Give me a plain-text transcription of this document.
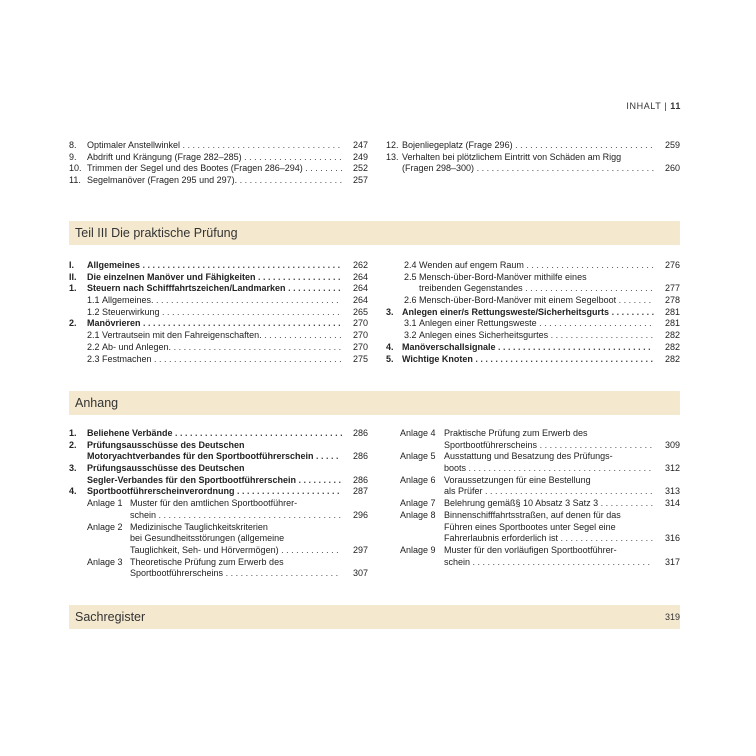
INHALT | 11
8. Optimaler Anstellwinkel . . . . . . . . . . . . . . . . . . . . . . . . . . . . . . . . 247
9. Abdrift und Krängung (Frage 282–285) . . . . . . . . . . . . . . . . . . . . 249
10. Trimmen der Segel und des Bootes (Fragen 286–294) . . . . . . . . 252
11. Segelmanöver (Fragen 295 und 297). . . . . . . . . . . . . . . . . . . . . . 257
12. Bojenliegeplatz (Frage 296) . . . . . . . . . . . . . . . . . . . . . . . . . . . . 259
13. Verhalten bei plötzlichem Eintritt von Schäden am Rigg
(Fragen 298–300) . . . . . . . . . . . . . . . . . . . . . . . . . . . . . . . . . . . . 260
Teil III Die praktische Prüfung
I. Allgemeines . . . . . . . . . . . . . . . . . . . . . . . . . . . . . . . . . . . . . . . . 262
II. Die einzelnen Manöver und Fähigkeiten . . . . . . . . . . . . . . . . . 264
1. Steuern nach Schifffahrtszeichen/Landmarken . . . . . . . . . . . 264
1.1 Allgemeines. . . . . . . . . . . . . . . . . . . . . . . . . . . . . . . . . . . . . . 264
1.2 Steuerwirkung . . . . . . . . . . . . . . . . . . . . . . . . . . . . . . . . . . . . 265
2. Manövrieren . . . . . . . . . . . . . . . . . . . . . . . . . . . . . . . . . . . . . . . . 270
2.1 Vertrautsein mit den Fahreigenschaften. . . . . . . . . . . . . . . . . 270
2.2 Ab- und Anlegen. . . . . . . . . . . . . . . . . . . . . . . . . . . . . . . . . . . 270
2.3 Festmachen . . . . . . . . . . . . . . . . . . . . . . . . . . . . . . . . . . . . . . 275
2.4 Wenden auf engem Raum . . . . . . . . . . . . . . . . . . . . . . . . . . 276
2.5 Mensch-über-Bord-Manöver mithilfe eines
treibenden Gegenstandes . . . . . . . . . . . . . . . . . . . . . . . . . . 277
2.6 Mensch-über-Bord-Manöver mit einem Segelboot . . . . . . . 278
3. Anlegen einer/s Rettungsweste/Sicherheitsgurts . . . . . . . . . 281
3.1 Anlegen einer Rettungsweste . . . . . . . . . . . . . . . . . . . . . . . 281
3.2 Anlegen eines Sicherheitsgurtes . . . . . . . . . . . . . . . . . . . . . 282
4. Manöverschallsignale . . . . . . . . . . . . . . . . . . . . . . . . . . . . . . . 282
5. Wichtige Knoten . . . . . . . . . . . . . . . . . . . . . . . . . . . . . . . . . . . . 282
Anhang
1. Beliehene Verbände . . . . . . . . . . . . . . . . . . . . . . . . . . . . . . . . . . 286
2. Prüfungsausschüsse des Deutschen
Motoryachtverbandes für den Sportbootführerschein . . . . . 286
3. Prüfungsausschüsse des Deutschen
Segler-Verbandes für den Sportbootführerschein . . . . . . . . . 286
4. Sportbootführerscheinverordnung . . . . . . . . . . . . . . . . . . . . . 287
Anlage 1 Muster für den amtlichen Sportbootführer-
schein . . . . . . . . . . . . . . . . . . . . . . . . . . . . . . . . . . . . . 296
Anlage 2 Medizinische Tauglichkeitskriterien
bei Gesundheitsstörungen (allgemeine
Tauglichkeit, Seh- und Hörvermögen) . . . . . . . . . . . . 297
Anlage 3 Theoretische Prüfung zum Erwerb des
Sportbootführerscheins . . . . . . . . . . . . . . . . . . . . . . . 307
Anlage 4 Praktische Prüfung zum Erwerb des
Sportbootführerscheins . . . . . . . . . . . . . . . . . . . . . . . 309
Anlage 5 Ausstattung und Besatzung des Prüfungs-
boots . . . . . . . . . . . . . . . . . . . . . . . . . . . . . . . . . . . . . 312
Anlage 6 Voraussetzungen für eine Bestellung
als Prüfer . . . . . . . . . . . . . . . . . . . . . . . . . . . . . . . . . . 313
Anlage 7 Belehrung gemäß§ 10 Absatz 3 Satz 3 . . . . . . . . . . . 314
Anlage 8 Binnenschifffahrtsstraßen, auf denen für das
Führen eines Sportbootes unter Segel eine
Fahrerlaubnis erforderlich ist . . . . . . . . . . . . . . . . . . . 316
Anlage 9 Muster für den vorläufigen Sportbootführer-
schein . . . . . . . . . . . . . . . . . . . . . . . . . . . . . . . . . . . . 317
Sachregister	319
